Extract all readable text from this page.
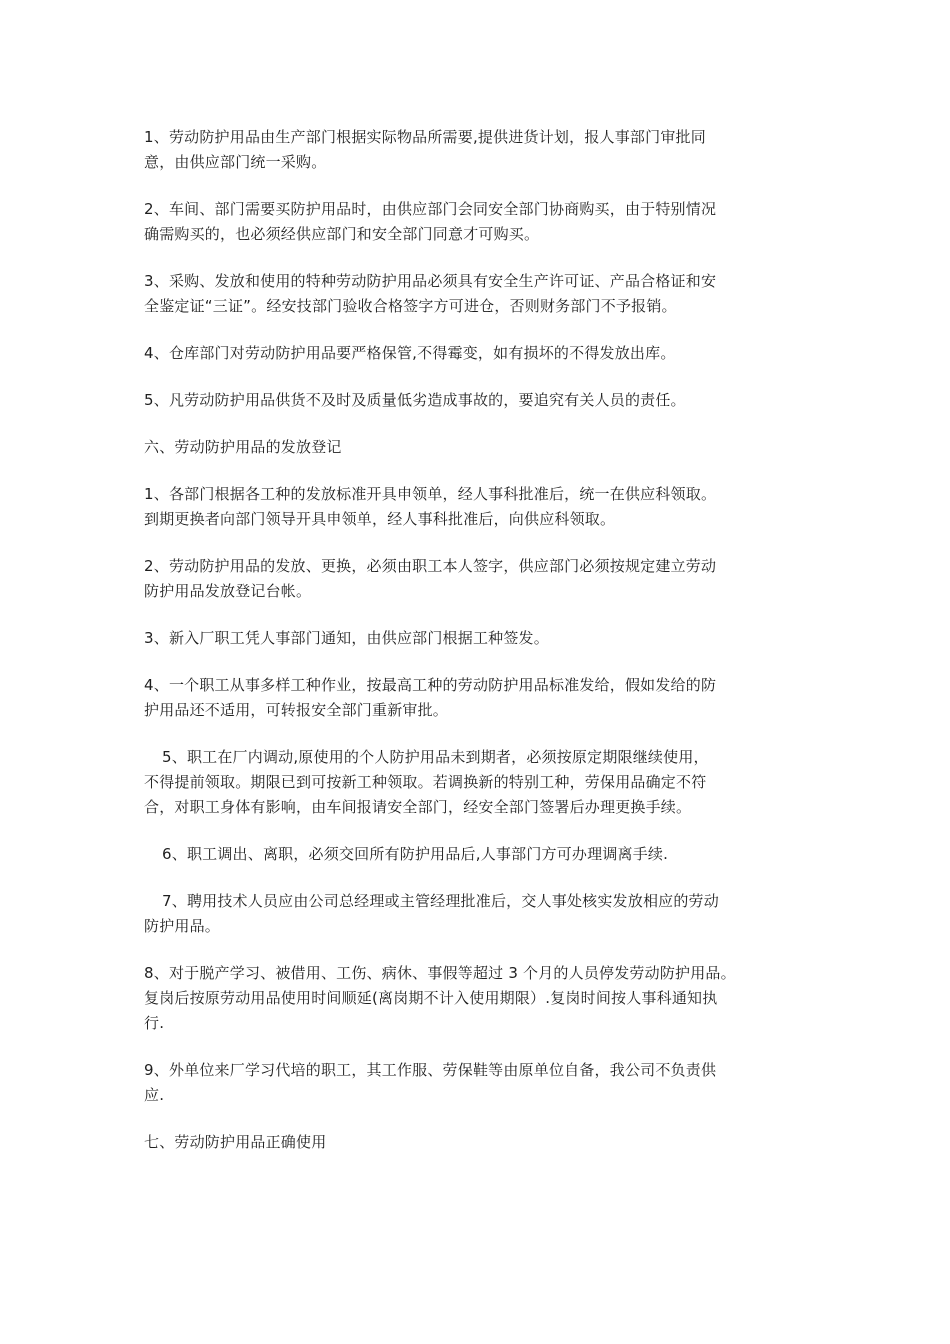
1、劳动防护用品由生产部门根据实际物品所需要,提供进货计划，报人事部门审批同
意，由供应部门统一采购。

2、车间、部门需要买防护用品时，由供应部门会同安全部门协商购买，由于特别情况
确需购买的，也必须经供应部门和安全部门同意才可购买。

3、采购、发放和使用的特种劳动防护用品必须具有安全生产许可证、产品合格证和安
全鉴定证“三证”。经安技部门验收合格签字方可进仓，否则财务部门不予报销。

4、仓库部门对劳动防护用品要严格保管,不得霉变，如有损坏的不得发放出库。

5、凡劳动防护用品供货不及时及质量低劣造成事故的，要追究有关人员的责任。

六、劳动防护用品的发放登记

1、各部门根据各工种的发放标准开具申领单，经人事科批准后，统一在供应科领取。
到期更换者向部门领导开具申领单，经人事科批准后，向供应科领取。

2、劳动防护用品的发放、更换，必须由职工本人签字，供应部门必须按规定建立劳动
防护用品发放登记台帐。

3、新入厂职工凭人事部门通知，由供应部门根据工种签发。

4、一个职工从事多样工种作业，按最高工种的劳动防护用品标准发给，假如发给的防
护用品还不适用，可转报安全部门重新审批。

5、职工在厂内调动,原使用的个人防护用品未到期者，必须按原定期限继续使用，
不得提前领取。期限已到可按新工种领取。若调换新的特别工种，劳保用品确定不符
合，对职工身体有影响，由车间报请安全部门，经安全部门签署后办理更换手续。

6、职工调出、离职，必须交回所有防护用品后,人事部门方可办理调离手续.

7、聘用技术人员应由公司总经理或主管经理批准后，交人事处核实发放相应的劳动
防护用品。

8、对于脱产学习、被借用、工伤、病休、事假等超过 3 个月的人员停发劳动防护用品。
复岗后按原劳动用品使用时间顺延(离岗期不计入使用期限）.复岗时间按人事科通知执
行.

9、外单位来厂学习代培的职工，其工作服、劳保鞋等由原单位自备，我公司不负责供
应.

七、劳动防护用品正确使用
